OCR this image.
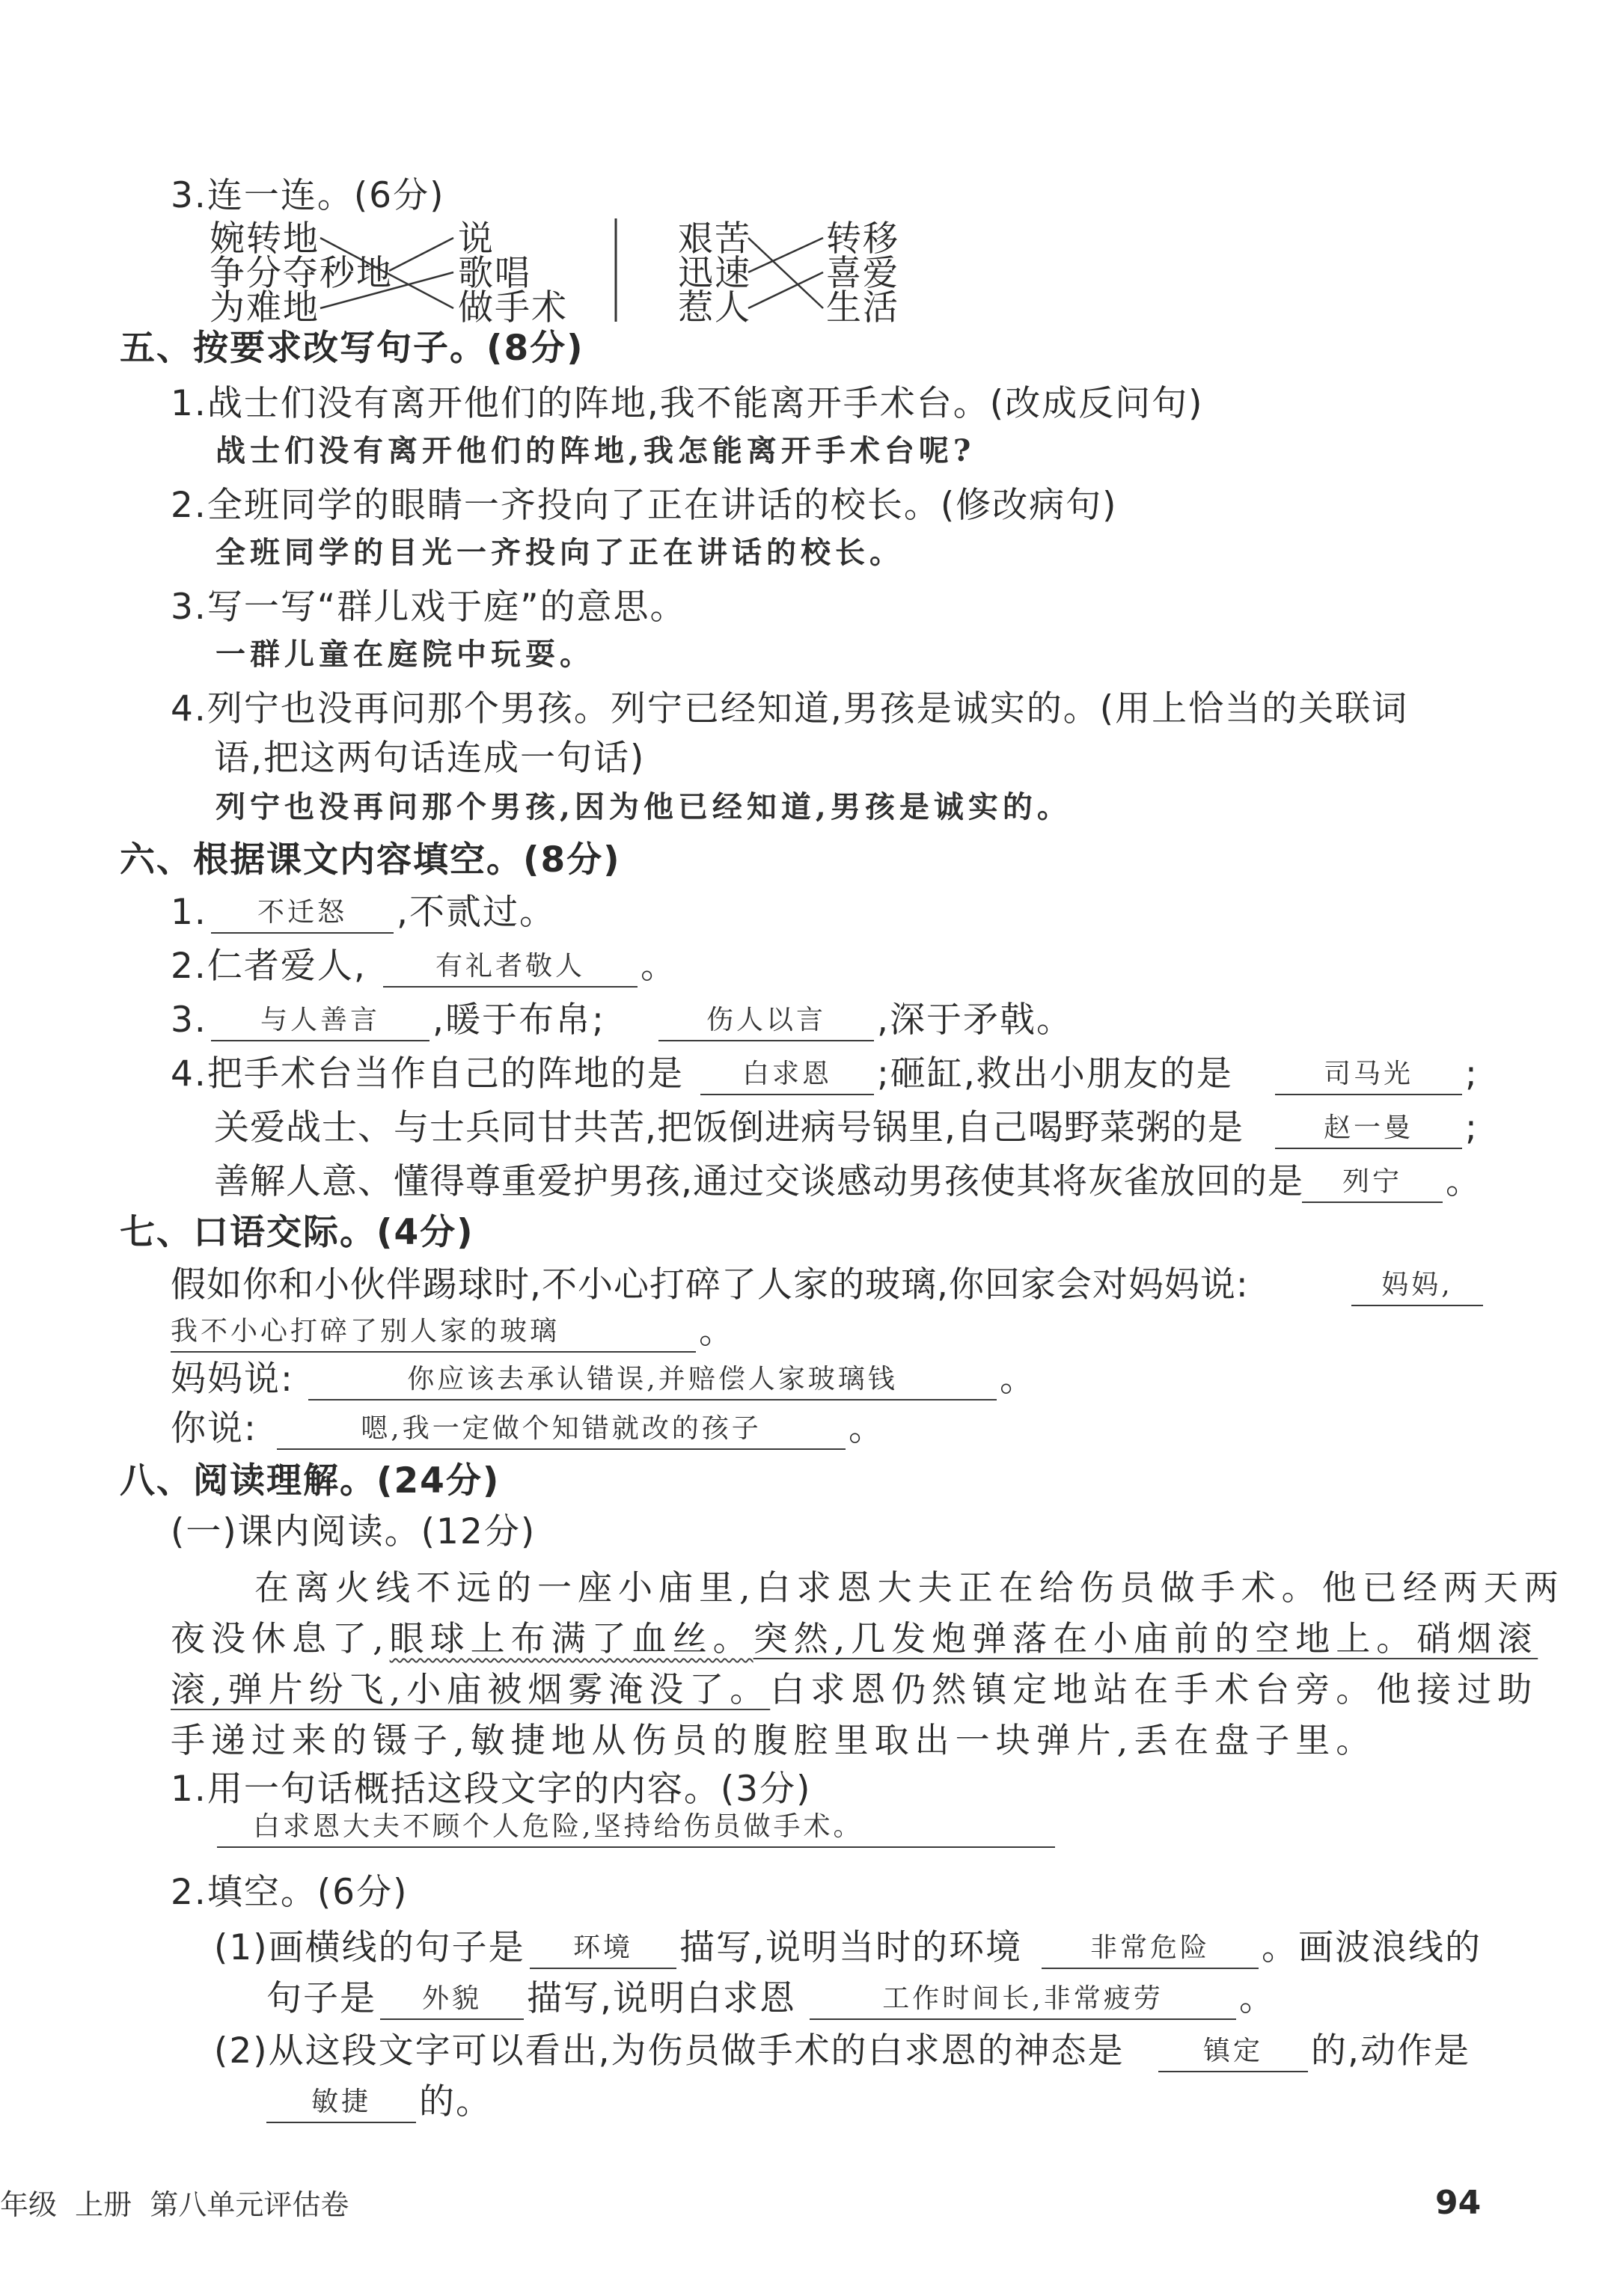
3.连一连。(6分)
婉转地
争分夺秒地
为难地
说
歌唱
做手术
艰苦
迅速
惹人
转移
喜爱
生活
五、按要求改写句子。(8分)
1.战士们没有离开他们的阵地,我不能离开手术台。(改成反问句)
战士们没有离开他们的阵地,我怎能离开手术台呢?
2.全班同学的眼睛一齐投向了正在讲话的校长。(修改病句)
全班同学的目光一齐投向了正在讲话的校长。
3.写一写“群儿戏于庭”的意思。
一群儿童在庭院中玩耍。
4.列宁也没再问那个男孩。列宁已经知道,男孩是诚实的。(用上恰当的关联词
语,把这两句话连成一句话)
列宁也没再问那个男孩,因为他已经知道,男孩是诚实的。
六、根据课文内容填空。(8分)
1.	不迁怒	,不贰过。
2.仁者爱人,	有礼者敬人	。
3.	与人善言	,暖于布帛;	伤人以言	,深于矛戟。
4.把手术台当作自己的阵地的是	白求恩	;砸缸,救出小朋友的是	司马光	;
关爱战士、与士兵同甘共苦,把饭倒进病号锅里,自己喝野菜粥的是	赵一曼	;
善解人意、懂得尊重爱护男孩,通过交谈感动男孩使其将灰雀放回的是	列宁	。
七、口语交际。(4分)
假如你和小伙伴踢球时,不小心打碎了人家的玻璃,你回家会对妈妈说:	妈妈,
我不小心打碎了别人家的玻璃	。
妈妈说:	你应该去承认错误,并赔偿人家玻璃钱	。
你说:	嗯,我一定做个知错就改的孩子	。
八、阅读理解。(24分)
(一)课内阅读。(12分)
在离火线不远的一座小庙里,白求恩大夫正在给伤员做手术。他已经两天两
夜没休息了,眼球上布满了血丝。突然,几发炮弹落在小庙前的空地上。硝烟滚
滚,弹片纷飞,小庙被烟雾淹没了。白求恩仍然镇定地站在手术台旁。他接过助
手递过来的镊子,敏捷地从伤员的腹腔里取出一块弹片,丢在盘子里。
1.用一句话概括这段文字的内容。(3分)
白求恩大夫不顾个人危险,坚持给伤员做手术。
2.填空。(6分)
(1)画横线的句子是	环境	描写,说明当时的环境	非常危险	。画波浪线的
句子是	外貌	描写,说明白求恩	工作时间长,非常疲劳	。
(2)从这段文字可以看出,为伤员做手术的白求恩的神态是	镇定	的,动作是
敏捷	的。
年级  上册  第八单元评估卷	94
